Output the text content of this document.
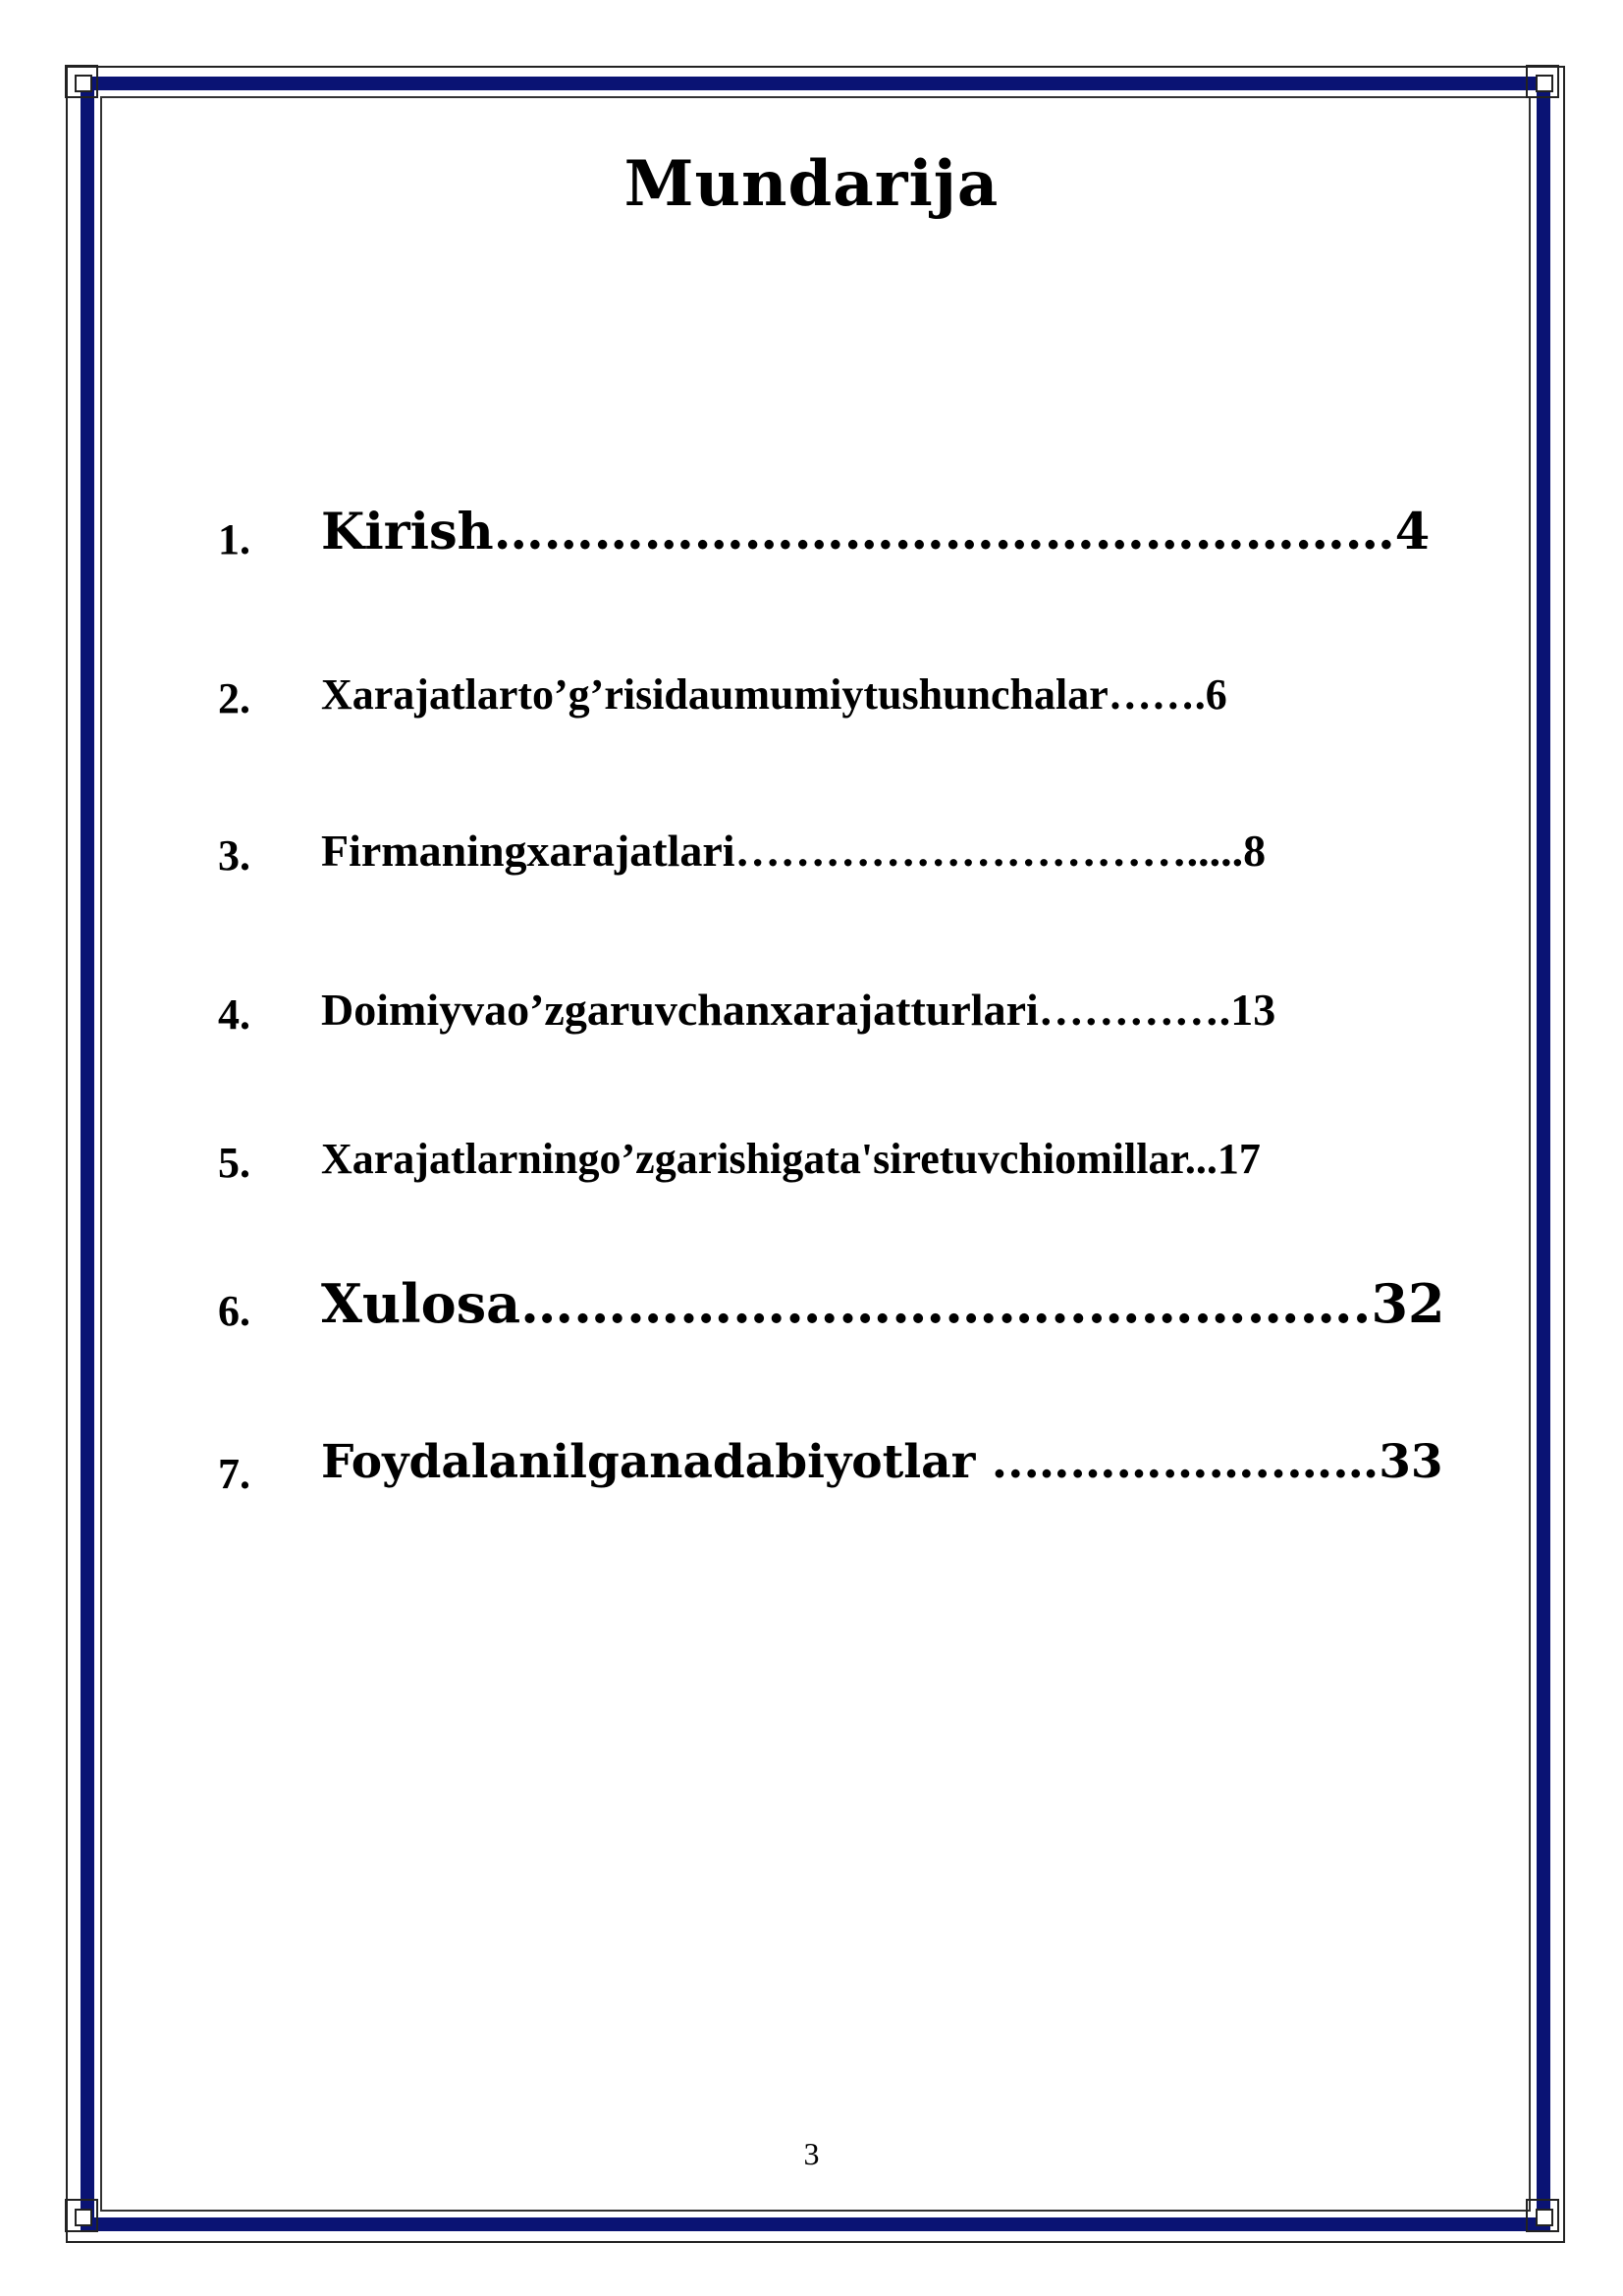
Mundarija
1. Kirish………………………………………………4
2. Xarajatlarto’g’risidaumumiytushunchalar…….6
3. Firmaningxarajatlari………………………….....8
4. Doimiyvao’zgaruvchanxarajatturlari………….13
5. Xarajatlarningo’zgarishigata'siretuvchiomillar...17
6. Xulosa…………………………..…………….32
7. Foydalanilganadabiyotlar ..……………..……33
3
